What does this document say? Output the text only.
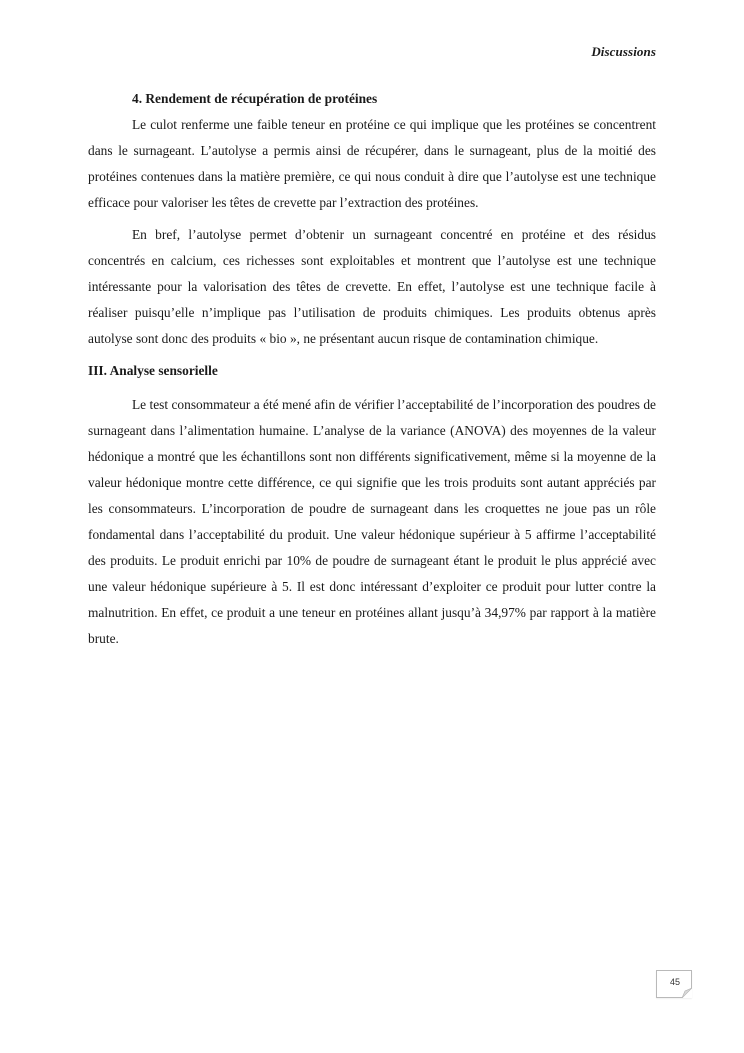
Discussions
4. Rendement de récupération de protéines

Le culot renferme une faible teneur en protéine ce qui implique que les protéines se concentrent dans le surnageant. L’autolyse a permis ainsi de récupérer, dans le surnageant, plus de la moitié des protéines contenues dans la matière première, ce qui nous conduit à dire que l’autolyse est une technique efficace pour valoriser les têtes de crevette par l’extraction des protéines.

En bref, l’autolyse permet d’obtenir un surnageant concentré en protéine et des résidus concentrés en calcium, ces richesses sont exploitables et montrent que l’autolyse est une technique intéressante pour la valorisation des têtes de crevette. En effet, l’autolyse est une technique facile à réaliser puisqu’elle n’implique pas l’utilisation de produits chimiques. Les produits obtenus après autolyse sont donc des produits « bio », ne présentant aucun risque de contamination chimique.

III. Analyse sensorielle

Le test consommateur a été mené afin de vérifier l’acceptabilité de l’incorporation des poudres de surnageant dans l’alimentation humaine. L’analyse de la variance (ANOVA) des moyennes de la valeur hédonique a montré que les échantillons sont non différents significativement, même si la moyenne de la valeur hédonique montre cette différence, ce qui signifie que les trois produits sont autant appréciés par les consommateurs. L’incorporation de poudre de surnageant dans les croquettes ne joue pas un rôle fondamental dans l’acceptabilité du produit. Une valeur hédonique supérieur à 5 affirme l’acceptabilité des produits. Le produit enrichi par 10% de poudre de surnageant étant le produit le plus apprécié avec une valeur hédonique supérieure à 5. Il est donc intéressant d’exploiter ce produit pour lutter contre la malnutrition. En effet, ce produit a une teneur en protéines allant jusqu’à 34,97% par rapport à la matière brute.

45
